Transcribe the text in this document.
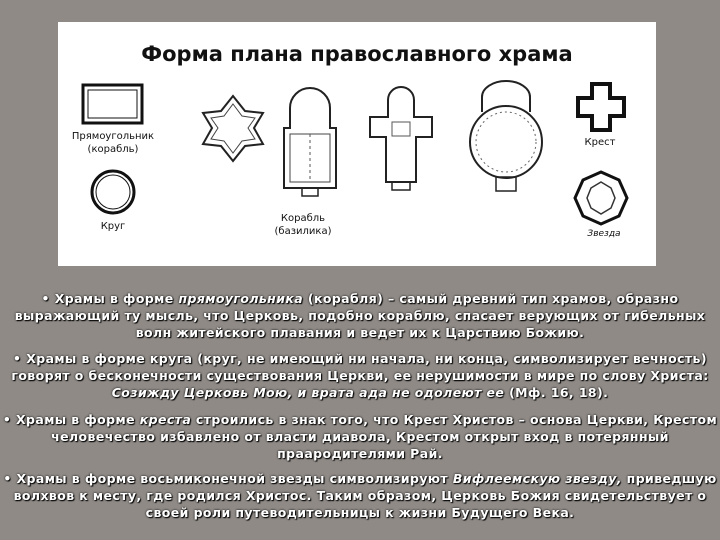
Форма плана православного храма
Прямоугольник
(корабль)
Круг
Корабль
(базилика)
Крест
Звезда
• Храмы в форме прямоугольника (корабля) – самый древний тип храмов, образно выражающий ту мысль, что Церковь, подобно кораблю, спасает верующих от гибельных волн житейского плавания и ведет их к Царствию Божию.
• Храмы в форме круга (круг, не имеющий ни начала, ни конца, символизирует вечность) говорят о бесконечности существования Церкви, ее нерушимости в мире по слову Христа: Созижду Церковь Мою, и врата ада не одолеют ее (Мф. 16, 18).
• Храмы в форме креста строились в знак того, что Крест Христов – основа Церкви, Крестом человечество избавлено от власти диавола, Крестом открыт вход в потерянный праародителями Рай.
• Храмы в форме восьмиконечной звезды символизируют Вифлеемскую звезду, приведшую волхвов к месту, где родился Христос. Таким образом, Церковь Божия свидетельствует о своей роли путеводительницы к жизни Будущего Века.
